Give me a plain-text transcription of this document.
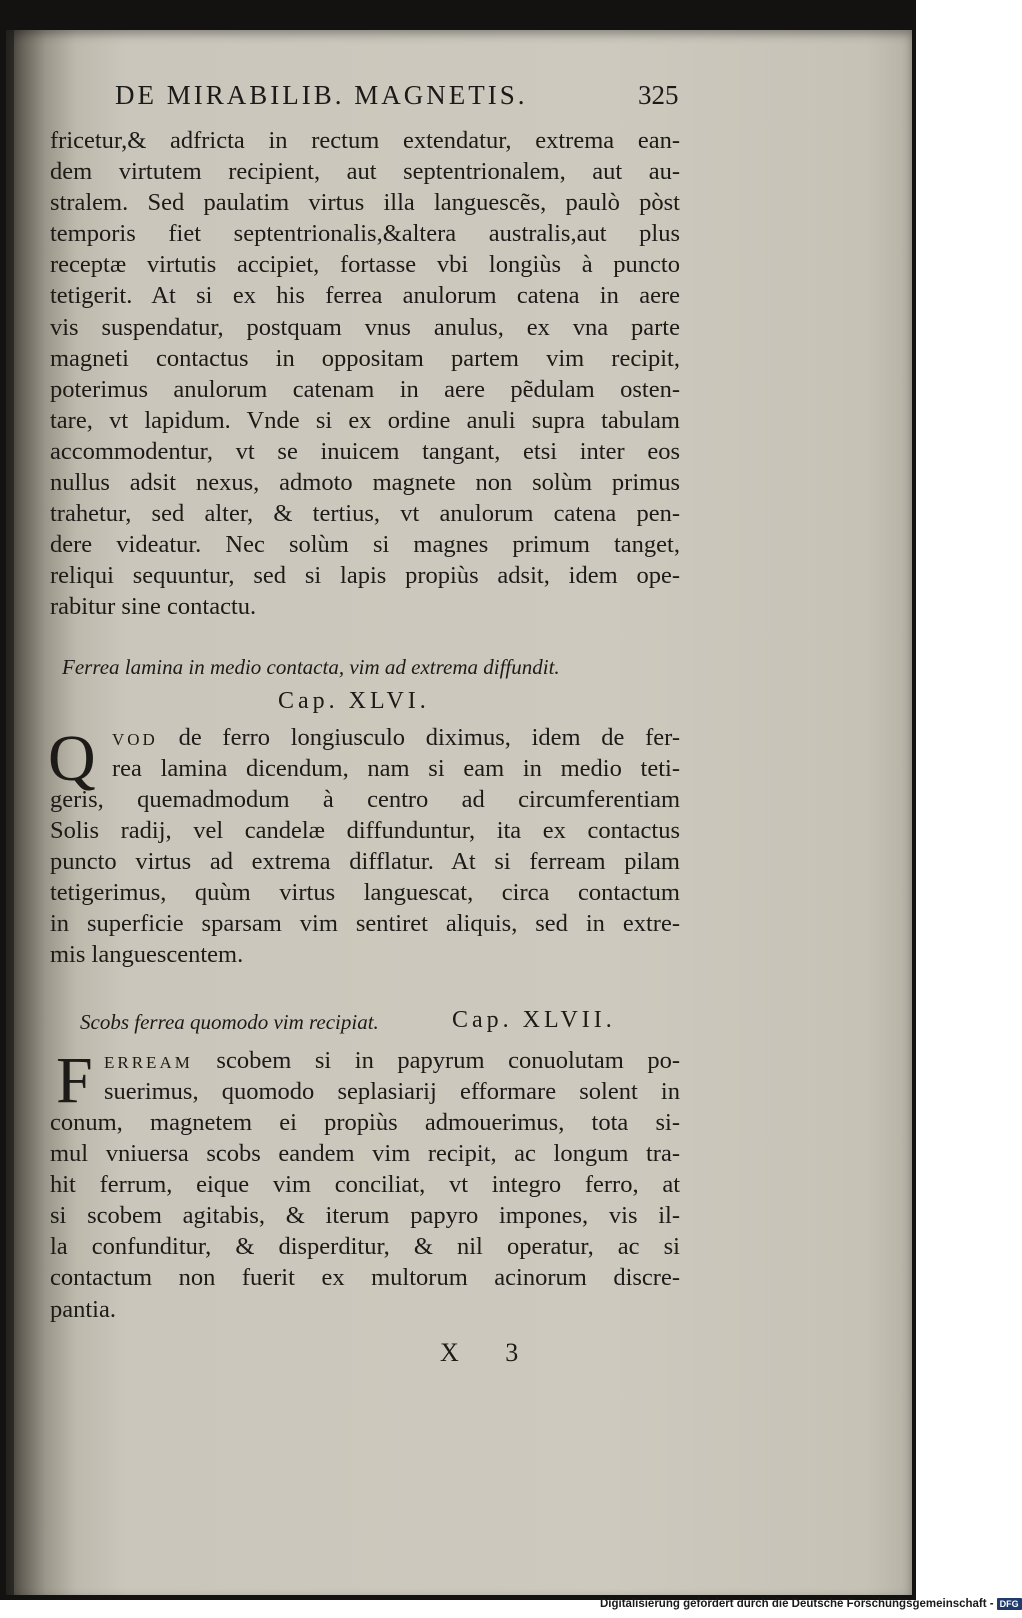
DE MIRABILIB. MAGNETIS.	325
fricetur,& adfricta in rectum extendatur, extrema ean-
dem virtutem recipient, aut septentrionalem, aut au-
stralem. Sed paulatim virtus illa languescẽs, paulò pòst
temporis fiet septentrionalis,&altera australis,aut plus
receptæ virtutis accipiet, fortasse vbi longiùs à puncto
tetigerit. At si ex his ferrea anulorum catena in aere
vis suspendatur, postquam vnus anulus, ex vna parte
magneti contactus in oppositam partem vim recipit,
poterimus anulorum catenam in aere pẽdulam osten-
tare, vt lapidum. Vnde si ex ordine anuli supra tabulam
accommodentur, vt se inuicem tangant, etsi inter eos
nullus adsit nexus, admoto magnete non solùm primus
trahetur, sed alter, & tertius, vt anulorum catena pen-
dere videatur. Nec solùm si magnes primum tanget,
reliqui sequuntur, sed si lapis propiùs adsit, idem ope-
rabitur sine contactu.
Ferrea lamina in medio contacta, vim ad extrema diffundit.
Cap. XLVI.
Q vod de ferro longiusculo diximus, idem de fer-
rea lamina dicendum, nam si eam in medio teti-
geris, quemadmodum à centro ad circumferentiam
Solis radij, vel candelæ diffunduntur, ita ex contactus
puncto virtus ad extrema difflatur. At si ferream pilam
tetigerimus, quùm virtus languescat, circa contactum
in superficie sparsam vim sentiret aliquis, sed in extre-
mis languescentem.
Scobs ferrea quomodo vim recipiat.	Cap. XLVII.
F erream scobem si in papyrum conuolutam po-
suerimus, quomodo seplasiarij efformare solent in
conum, magnetem ei propiùs admouerimus, tota si-
mul vniuersa scobs eandem vim recipit, ac longum tra-
hit ferrum, eique vim conciliat, vt integro ferro, at
si scobem agitabis, & iterum papyro impones, vis il-
la confunditur, & disperditur, & nil operatur, ac si
contactum non fuerit ex multorum acinorum discre-
pantia.
X 3
Digitalisierung gefördert durch die Deutsche Forschungsgemeinschaft - DFG
